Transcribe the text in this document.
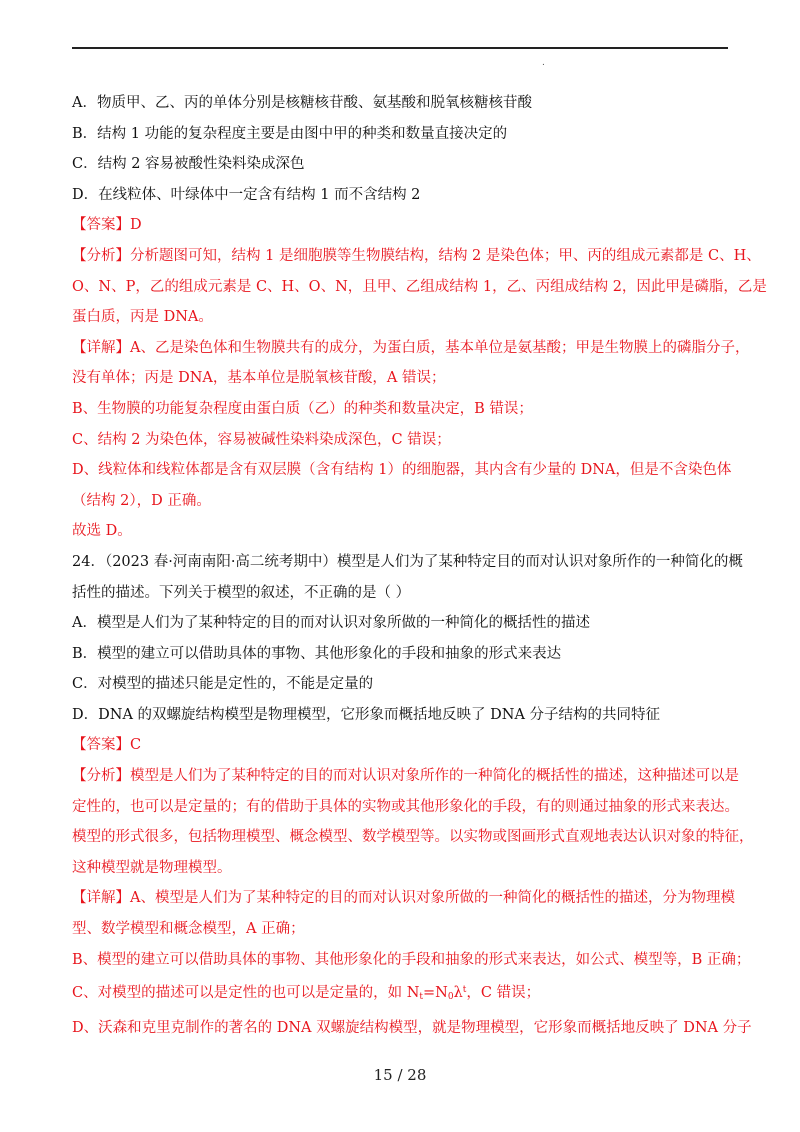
.
A．物质甲、乙、丙的单体分别是核糖核苷酸、氨基酸和脱氧核糖核苷酸
B．结构 1 功能的复杂程度主要是由图中甲的种类和数量直接决定的
C．结构 2 容易被酸性染料染成深色
D．在线粒体、叶绿体中一定含有结构 1 而不含结构 2
【答案】D
【分析】分析题图可知，结构 1 是细胞膜等生物膜结构，结构 2 是染色体；甲、丙的组成元素都是 C、H、
O、N、P，乙的组成元素是 C、H、O、N，且甲、乙组成结构 1，乙、丙组成结构 2，因此甲是磷脂，乙是
蛋白质，丙是 DNA。
【详解】A、乙是染色体和生物膜共有的成分，为蛋白质，基本单位是氨基酸；甲是生物膜上的磷脂分子，
没有单体；丙是 DNA，基本单位是脱氧核苷酸，A 错误；
B、生物膜的功能复杂程度由蛋白质（乙）的种类和数量决定，B 错误；
C、结构 2 为染色体，容易被碱性染料染成深色，C 错误；
D、线粒体和线粒体都是含有双层膜（含有结构 1）的细胞器，其内含有少量的 DNA，但是不含染色体
（结构 2），D 正确。
故选 D。
24．（2023 春·河南南阳·高二统考期中）模型是人们为了某种特定目的而对认识对象所作的一种简化的概
括性的描述。下列关于模型的叙述，不正确的是（ ）
A．模型是人们为了某种特定的目的而对认识对象所做的一种简化的概括性的描述
B．模型的建立可以借助具体的事物、其他形象化的手段和抽象的形式来表达
C．对模型的描述只能是定性的，不能是定量的
D．DNA 的双螺旋结构模型是物理模型，它形象而概括地反映了 DNA 分子结构的共同特征
【答案】C
【分析】模型是人们为了某种特定的目的而对认识对象所作的一种简化的概括性的描述，这种描述可以是
定性的，也可以是定量的；有的借助于具体的实物或其他形象化的手段，有的则通过抽象的形式来表达。
模型的形式很多，包括物理模型、概念模型、数学模型等。以实物或图画形式直观地表达认识对象的特征，
这种模型就是物理模型。
【详解】A、模型是人们为了某种特定的目的而对认识对象所做的一种简化的概括性的描述，分为物理模
型、数学模型和概念模型，A 正确；
B、模型的建立可以借助具体的事物、其他形象化的手段和抽象的形式来表达，如公式、模型等，B 正确；
C、对模型的描述可以是定性的也可以是定量的，如 $N_t=N_0\lambda^t$，C 错误；
D、沃森和克里克制作的著名的 DNA 双螺旋结构模型，就是物理模型，它形象而概括地反映了 DNA 分子
15 / 28
